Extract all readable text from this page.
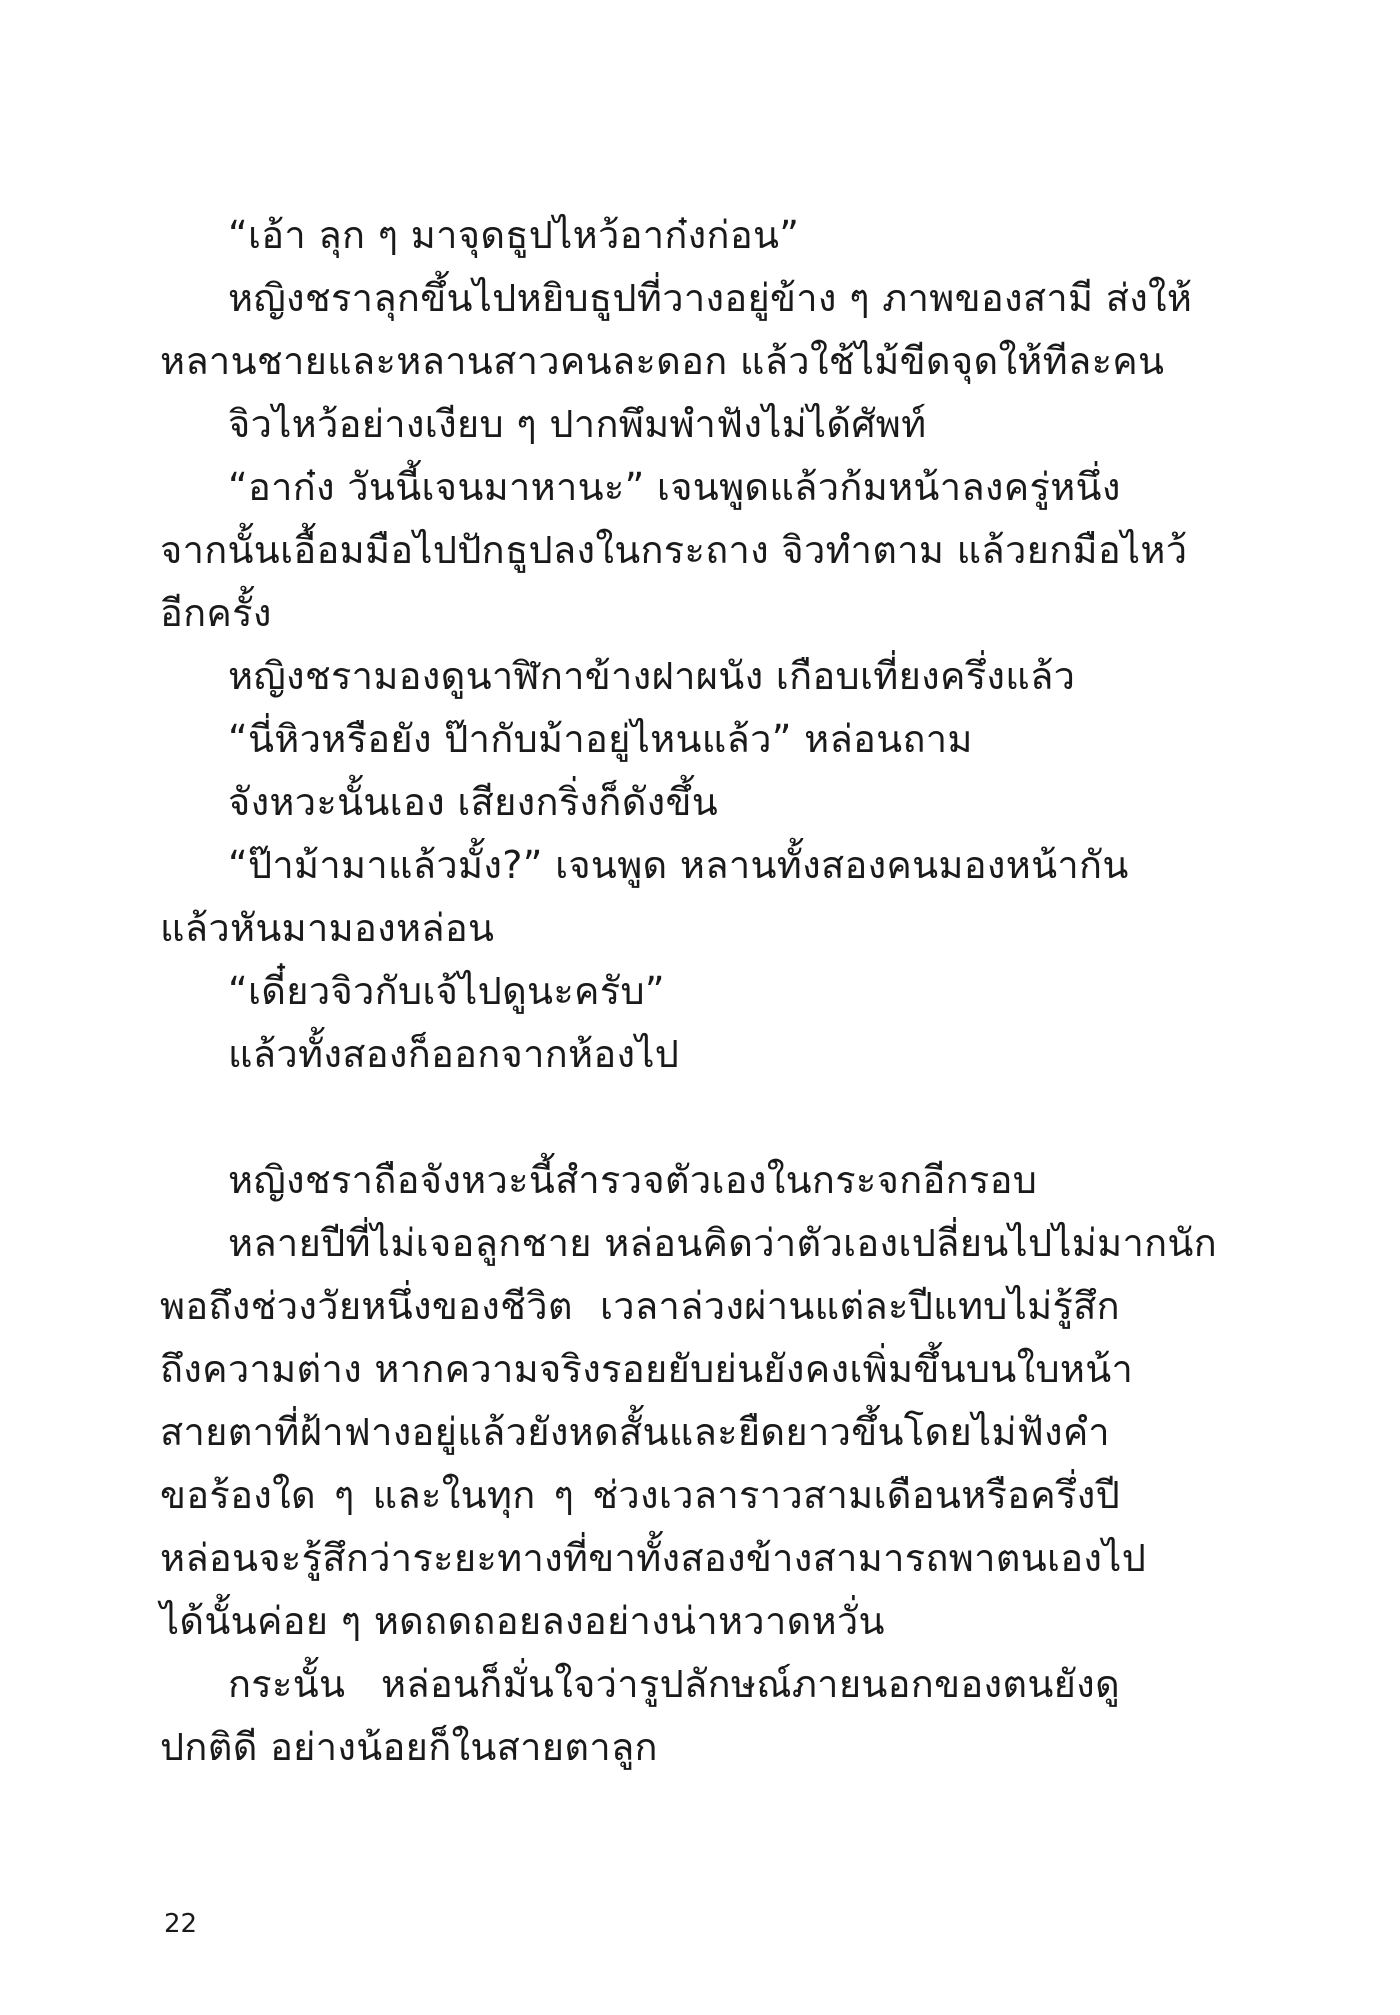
“เอ้า ลุก ๆ มาจุดธูปไหว้อาก๋งก่อน”
หญิงชราลุกขึ้นไปหยิบธูปที่วางอยู่ข้าง ๆ ภาพของสามี ส่งให้
หลานชายและหลานสาวคนละดอก แล้วใช้ไม้ขีดจุดให้ทีละคน
จิวไหว้อย่างเงียบ ๆ ปากพึมพำฟังไม่ได้ศัพท์
“อาก๋ง วันนี้เจนมาหานะ” เจนพูดแล้วก้มหน้าลงครู่หนึ่ง
จากนั้นเอื้อมมือไปปักธูปลงในกระถาง จิวทำตาม แล้วยกมือไหว้
อีกครั้ง
หญิงชรามองดูนาฬิกาข้างฝาผนัง เกือบเที่ยงครึ่งแล้ว
“นี่หิวหรือยัง ป๊ากับม้าอยู่ไหนแล้ว” หล่อนถาม
จังหวะนั้นเอง เสียงกริ่งก็ดังขึ้น
“ป๊าม้ามาแล้วมั้ง?” เจนพูด หลานทั้งสองคนมองหน้ากัน
แล้วหันมามองหล่อน
“เดี๋ยวจิวกับเจ้ไปดูนะครับ”
แล้วทั้งสองก็ออกจากห้องไป
หญิงชราถือจังหวะนี้สำรวจตัวเองในกระจกอีกรอบ
หลายปีที่ไม่เจอลูกชาย หล่อนคิดว่าตัวเองเปลี่ยนไปไม่มากนัก
พอถึงช่วงวัยหนึ่งของชีวิต เวลาล่วงผ่านแต่ละปีแทบไม่รู้สึก
ถึงความต่าง หากความจริงรอยยับย่นยังคงเพิ่มขึ้นบนใบหน้า
สายตาที่ฝ้าฟางอยู่แล้วยังหดสั้นและยืดยาวขึ้นโดยไม่ฟังคำ
ขอร้องใด ๆ และในทุก ๆ ช่วงเวลาราวสามเดือนหรือครึ่งปี
หล่อนจะรู้สึกว่าระยะทางที่ขาทั้งสองข้างสามารถพาตนเองไป
ได้นั้นค่อย ๆ หดถดถอยลงอย่างน่าหวาดหวั่น
กระนั้น หล่อนก็มั่นใจว่ารูปลักษณ์ภายนอกของตนยังดู
ปกติดี อย่างน้อยก็ในสายตาลูก
22
